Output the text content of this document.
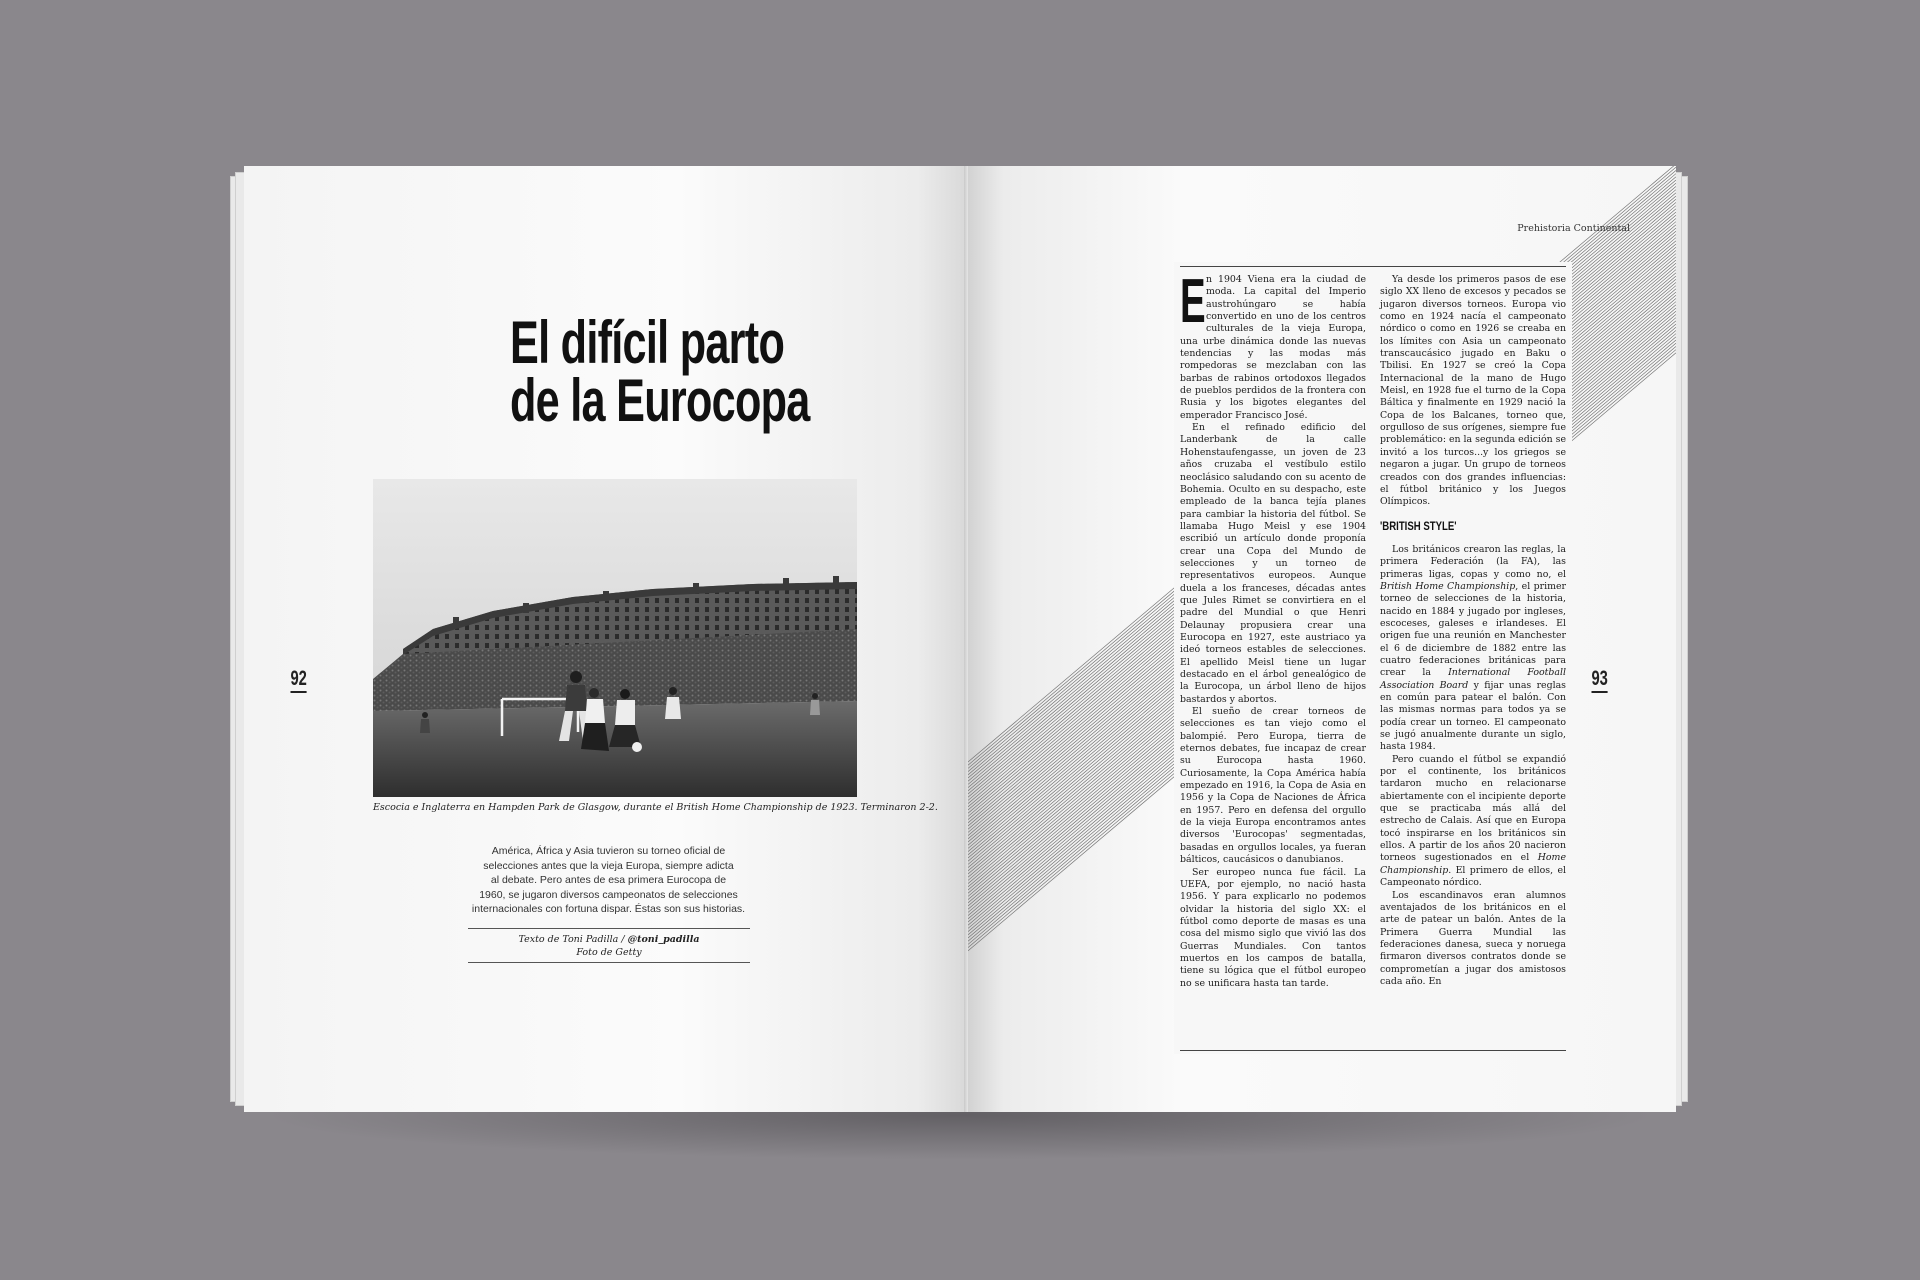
El difícil parto
de la Eurocopa
Escocia e Inglaterra en Hampden Park de Glasgow, durante el British Home Championship de 1923. Terminaron 2-2.
América, África y Asia tuvieron su torneo oficial de
selecciones antes que la vieja Europa, siempre adicta
al debate. Pero antes de esa primera Eurocopa de
1960, se jugaron diversos campeonatos de selecciones
internacionales con fortuna dispar. Éstas son sus historias.
Texto de Toni Padilla / @toni_padilla
Foto de Getty
92
Prehistoria Continental
E n 1904 Viena era la ciudad de moda. La capital del Imperio austrohúngaro se había convertido en uno de los centros culturales de la vieja Europa, una urbe dinámica donde las nuevas tendencias y las modas más rompedoras se mezclaban con las barbas de rabinos ortodoxos llegados de pueblos perdidos de la frontera con Rusia y los bigotes elegantes del emperador Francisco José.

En el refinado edificio del Landerbank de la calle Hohenstaufengasse, un joven de 23 años cruzaba el vestíbulo estilo neoclásico saludando con su acento de Bohemia. Oculto en su despacho, este empleado de la banca tejía planes para cambiar la historia del fútbol. Se llamaba Hugo Meisl y ese 1904 escribió un artículo donde proponía crear una Copa del Mundo de selecciones y un torneo de representativos europeos. Aunque duela a los franceses, décadas antes que Jules Rimet se convirtiera en el padre del Mundial o que Henri Delaunay propusiera crear una Eurocopa en 1927, este austriaco ya ideó torneos estables de selecciones. El apellido Meisl tiene un lugar destacado en el árbol genealógico de la Eurocopa, un árbol lleno de hijos bastardos y abortos.

El sueño de crear torneos de selecciones es tan viejo como el balompié. Pero Europa, tierra de eternos debates, fue incapaz de crear su Eurocopa hasta 1960. Curiosamente, la Copa América había empezado en 1916, la Copa de Asia en 1956 y la Copa de Naciones de África en 1957. Pero en defensa del orgullo de la vieja Europa encontramos antes diversos 'Eurocopas' segmentadas, basadas en orgullos locales, ya fueran bálticos, caucásicos o danubianos.

Ser europeo nunca fue fácil. La UEFA, por ejemplo, no nació hasta 1956. Y para explicarlo no podemos olvidar la historia del siglo XX: el fútbol como deporte de masas es una cosa del mismo siglo que vivió las dos Guerras Mundiales. Con tantos muertos en los campos de batalla, tiene su lógica que el fútbol europeo no se unificara hasta tan tarde.

Ya desde los primeros pasos de ese siglo XX lleno de excesos y pecados se jugaron diversos torneos. Europa vio como en 1924 nacía el campeonato nórdico o como en 1926 se creaba en los límites con Asia un campeonato transcaucásico jugado en Baku o Tbilisi. En 1927 se creó la Copa Internacional de la mano de Hugo Meisl, en 1928 fue el turno de la Copa Báltica y finalmente en 1929 nació la Copa de los Balcanes, torneo que, orgulloso de sus orígenes, siempre fue problemático: en la segunda edición se invitó a los turcos...y los griegos se negaron a jugar. Un grupo de torneos creados con dos grandes influencias: el fútbol británico y los Juegos Olímpicos.

'BRITISH STYLE'

Los británicos crearon las reglas, la primera Federación (la FA), las primeras ligas, copas y como no, el British Home Championship, el primer torneo de selecciones de la historia, nacido en 1884 y jugado por ingleses, escoceses, galeses e irlandeses. El origen fue una reunión en Manchester el 6 de diciembre de 1882 entre las cuatro federaciones británicas para crear la International Football Association Board y fijar unas reglas en común para patear el balón. Con las mismas normas para todos ya se podía crear un torneo. El campeonato se jugó anualmente durante un siglo, hasta 1984.

Pero cuando el fútbol se expandió por el continente, los británicos tardaron mucho en relacionarse abiertamente con el incipiente deporte que se practicaba más allá del estrecho de Calais. Así que en Europa tocó inspirarse en los británicos sin ellos. A partir de los años 20 nacieron torneos sugestionados en el Home Championship. El primero de ellos, el Campeonato nórdico.

Los escandinavos eran alumnos aventajados de los británicos en el arte de patear un balón. Antes de la Primera Guerra Mundial las federaciones danesa, sueca y noruega firmaron diversos contratos donde se comprometían a jugar dos amistosos cada año. En

93
